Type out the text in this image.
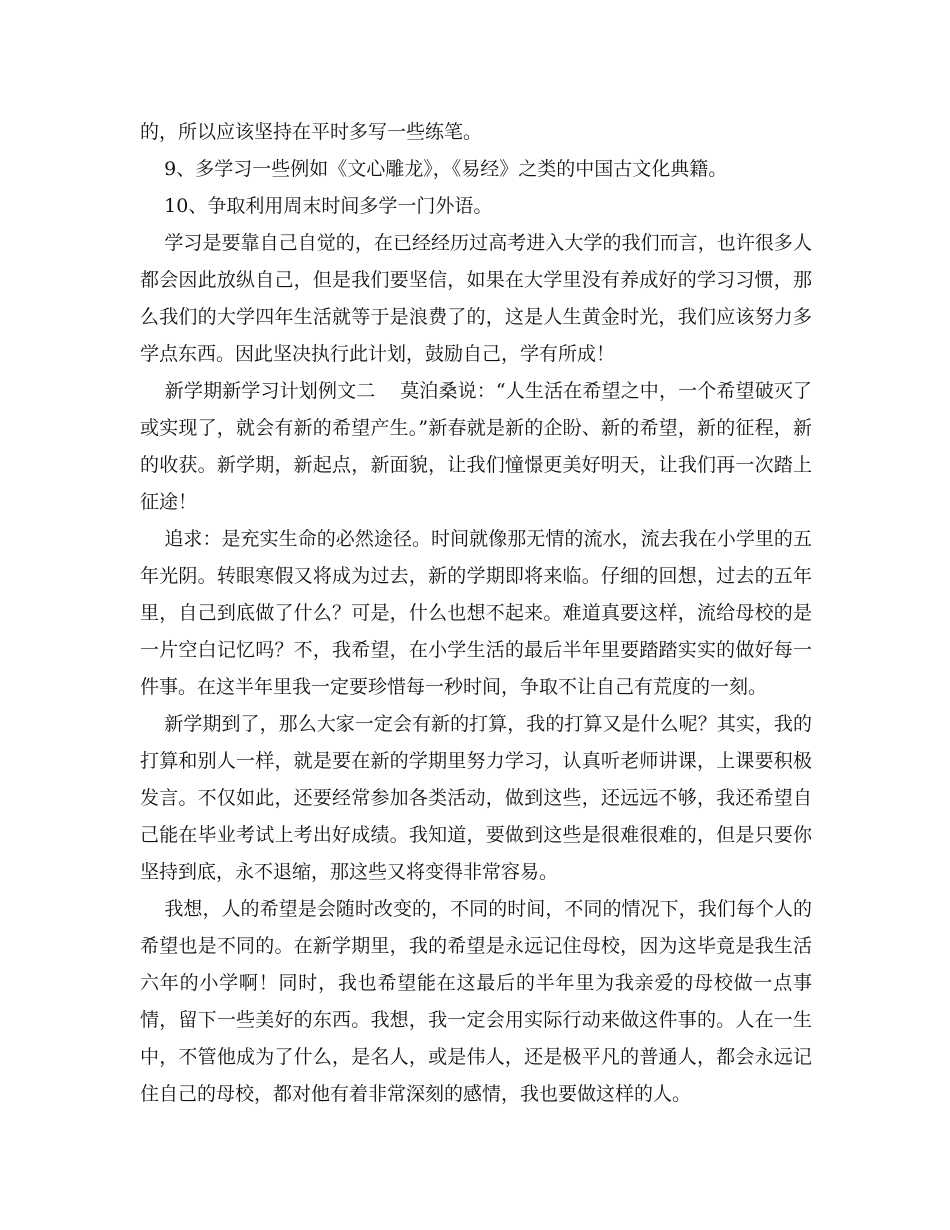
的，所以应该坚持在平时多写一些练笔。

9、多学习一些例如《文心雕龙》，《易经》之类的中国古文化典籍。

10、争取利用周末时间多学一门外语。

学习是要靠自己自觉的，在已经经历过高考进入大学的我们而言，也许很多人都会因此放纵自己，但是我们要坚信，如果在大学里没有养成好的学习习惯，那么我们的大学四年生活就等于是浪费了的，这是人生黄金时光，我们应该努力多学点东西。因此坚决执行此计划，鼓励自己，学有所成！

新学期新学习计划例文二    莫泊桑说：“人生活在希望之中，一个希望破灭了或实现了，就会有新的希望产生。”新春就是新的企盼、新的希望，新的征程，新的收获。新学期，新起点，新面貌，让我们憧憬更美好明天，让我们再一次踏上征途！

追求：是充实生命的必然途径。时间就像那无情的流水，流去我在小学里的五年光阴。转眼寒假又将成为过去，新的学期即将来临。仔细的回想，过去的五年里，自己到底做了什么？可是，什么也想不起来。难道真要这样，流给母校的是一片空白记忆吗？不，我希望，在小学生活的最后半年里要踏踏实实的做好每一件事。在这半年里我一定要珍惜每一秒时间，争取不让自己有荒度的一刻。

新学期到了，那么大家一定会有新的打算，我的打算又是什么呢？其实，我的打算和别人一样，就是要在新的学期里努力学习，认真听老师讲课，上课要积极发言。不仅如此，还要经常参加各类活动，做到这些，还远远不够，我还希望自己能在毕业考试上考出好成绩。我知道，要做到这些是很难很难的，但是只要你坚持到底，永不退缩，那这些又将变得非常容易。

我想，人的希望是会随时改变的，不同的时间，不同的情况下，我们每个人的希望也是不同的。在新学期里，我的希望是永远记住母校，因为这毕竟是我生活六年的小学啊！同时，我也希望能在这最后的半年里为我亲爱的母校做一点事情，留下一些美好的东西。我想，我一定会用实际行动来做这件事的。人在一生中，不管他成为了什么，是名人，或是伟人，还是极平凡的普通人，都会永远记住自己的母校，都对他有着非常深刻的感情，我也要做这样的人。
